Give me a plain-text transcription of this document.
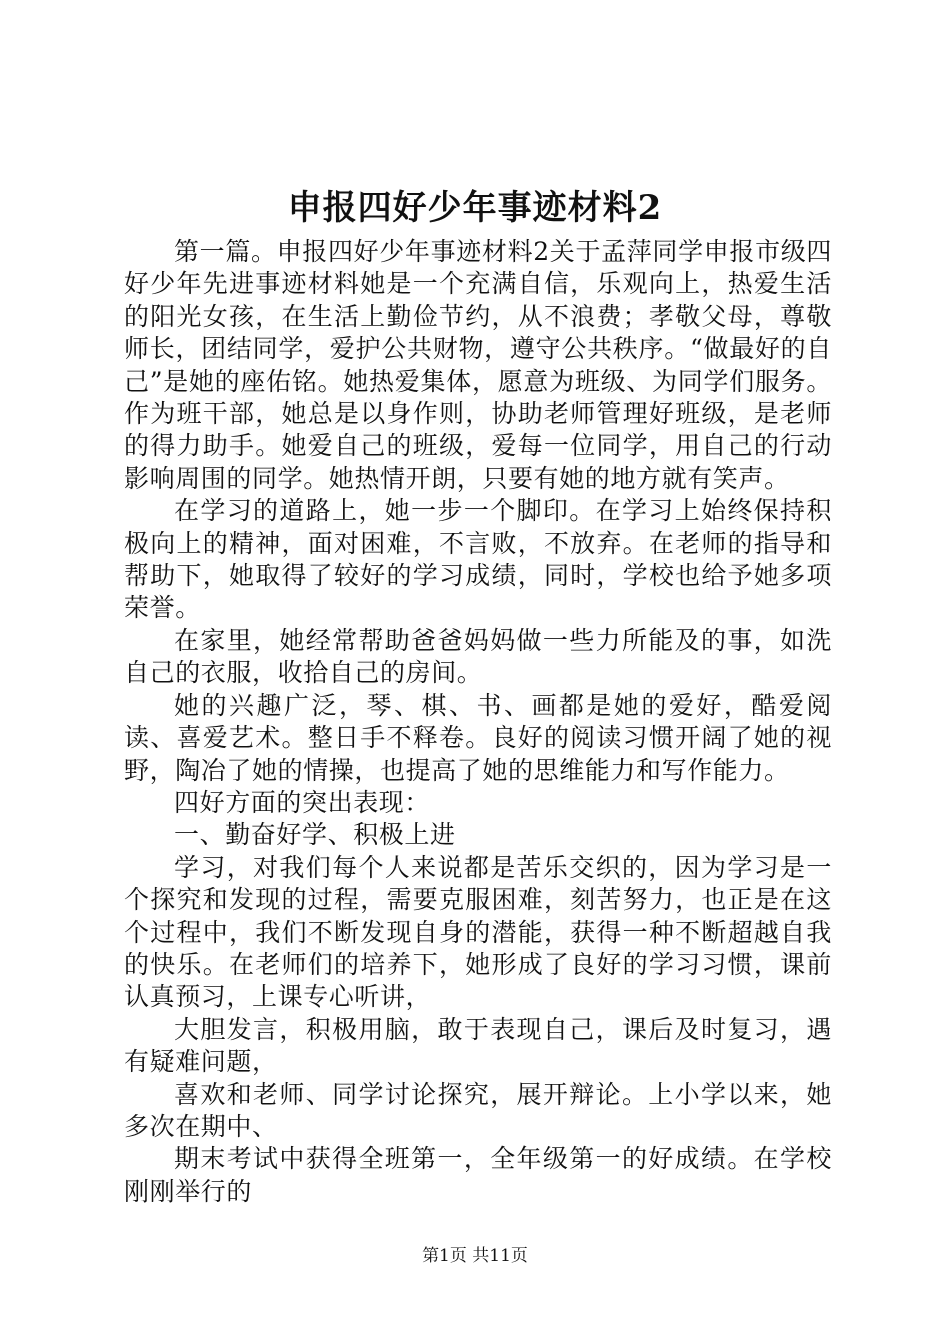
申报四好少年事迹材料2

第一篇。申报四好少年事迹材料2关于孟萍同学申报市级四好少年先进事迹材料她是一个充满自信，乐观向上，热爱生活的阳光女孩，在生活上勤俭节约，从不浪费；孝敬父母，尊敬师长，团结同学，爱护公共财物，遵守公共秩序。“做最好的自己”是她的座佑铭。她热爱集体，愿意为班级、为同学们服务。作为班干部，她总是以身作则，协助老师管理好班级，是老师的得力助手。她爱自己的班级，爱每一位同学，用自己的行动影响周围的同学。她热情开朗，只要有她的地方就有笑声。

在学习的道路上，她一步一个脚印。在学习上始终保持积极向上的精神，面对困难，不言败，不放弃。在老师的指导和帮助下，她取得了较好的学习成绩，同时，学校也给予她多项荣誉。

在家里，她经常帮助爸爸妈妈做一些力所能及的事，如洗自己的衣服，收拾自己的房间。

她的兴趣广泛，琴、棋、书、画都是她的爱好，酷爱阅读、喜爱艺术。整日手不释卷。良好的阅读习惯开阔了她的视野，陶冶了她的情操，也提高了她的思维能力和写作能力。

四好方面的突出表现：

一、勤奋好学、积极上进

学习，对我们每个人来说都是苦乐交织的，因为学习是一个探究和发现的过程，需要克服困难，刻苦努力，也正是在这个过程中，我们不断发现自身的潜能，获得一种不断超越自我的快乐。在老师们的培养下，她形成了良好的学习习惯，课前认真预习，上课专心听讲，

大胆发言，积极用脑，敢于表现自己，课后及时复习，遇有疑难问题，

喜欢和老师、同学讨论探究，展开辩论。上小学以来，她多次在期中、

期末考试中获得全班第一，全年级第一的好成绩。在学校刚刚举行的

第1页 共11页
